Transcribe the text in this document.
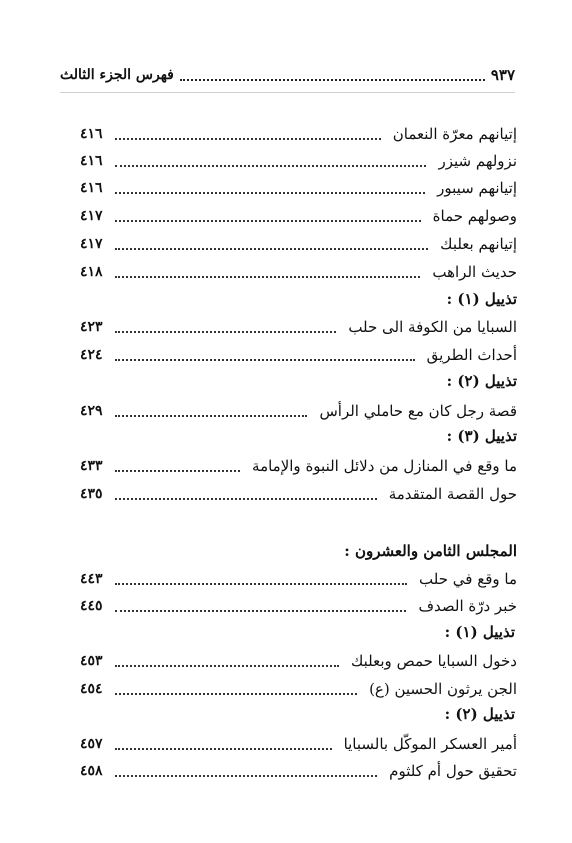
فهرس الجزء الثالث	٩٣٧
إتيانهم معرّة النعمان
٤١٦
نزولهم شيزر
٤١٦
إتيانهم سيبور
٤١٦
وصولهم حماة
٤١٧
إتيانهم بعلبك
٤١٧
حديث الراهب
٤١٨
تذييل (١) :
السبايا من الكوفة الى حلب
٤٢٣
أحداث الطريق
٤٢٤
تذييل (٢) :
قصة رجل كان مع حاملي الرأس
٤٢٩
تذييل (٣) :
ما وقع في المنازل من دلائل النبوة والإمامة
٤٣٣
حول القصة المتقدمة
٤٣٥
المجلس الثامن والعشرون :
ما وقع في حلب
٤٤٣
خبر درّة الصدف
٤٤٥
تذييل (١) :
دخول السبايا حمص وبعلبك
٤٥٣
الجن يرثون الحسين (ع)
٤٥٤
تذييل (٢) :
أمير العسكر الموكّل بالسبايا
٤٥٧
تحقيق حول أم كلثوم
٤٥٨
